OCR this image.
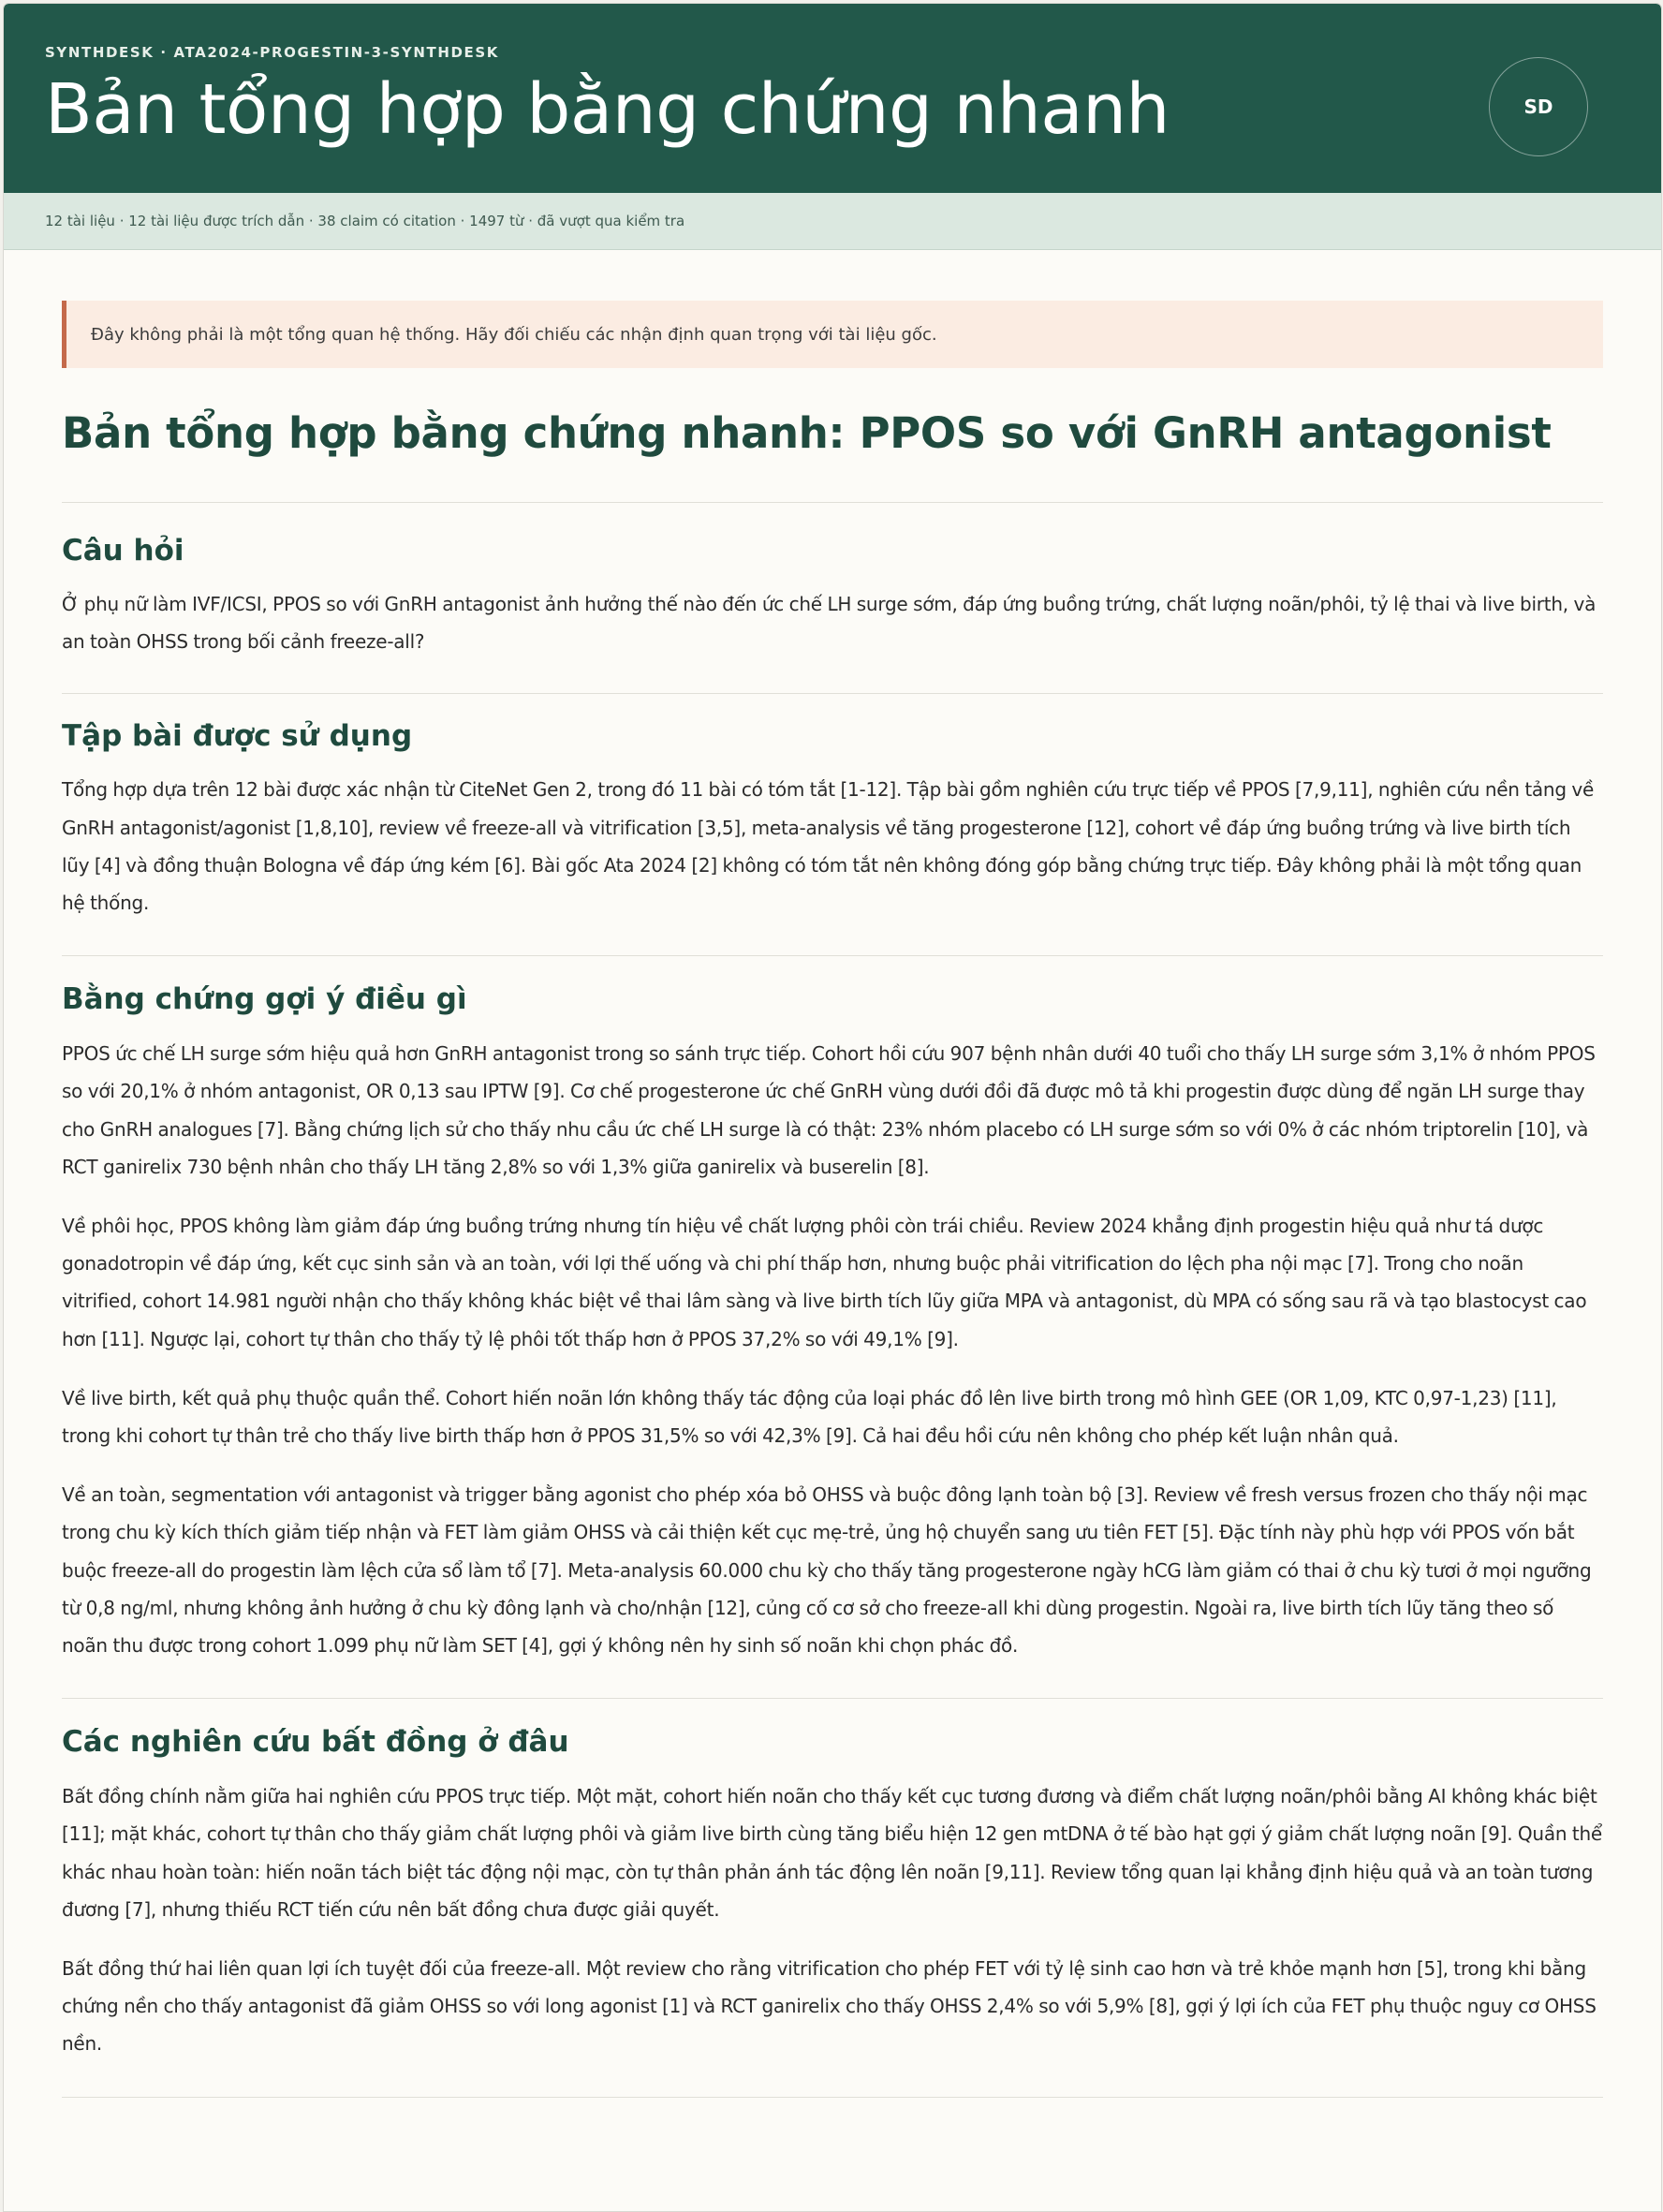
SYNTHDESK · ATA2024-PROGESTIN-3-SYNTHDESK
Bản tổng hợp bằng chứng nhanh	SD
12 tài liệu · 12 tài liệu được trích dẫn · 38 claim có citation · 1497 từ · đã vượt qua kiểm tra
Đây không phải là một tổng quan hệ thống. Hãy đối chiếu các nhận định quan trọng với tài liệu gốc.
Bản tổng hợp bằng chứng nhanh: PPOS so với GnRH antagonist
Câu hỏi

Ở phụ nữ làm IVF/ICSI, PPOS so với GnRH antagonist ảnh hưởng thế nào đến ức chế LH surge sớm, đáp ứng buồng trứng, chất lượng noãn/phôi, tỷ lệ thai và live birth, và an toàn OHSS trong bối cảnh freeze-all?

Tập bài được sử dụng

Tổng hợp dựa trên 12 bài được xác nhận từ CiteNet Gen 2, trong đó 11 bài có tóm tắt [1-12]. Tập bài gồm nghiên cứu trực tiếp về PPOS [7,9,11], nghiên cứu nền tảng về GnRH antagonist/agonist [1,8,10], review về freeze-all và vitrification [3,5], meta-analysis về tăng progesterone [12], cohort về đáp ứng buồng trứng và live birth tích lũy [4] và đồng thuận Bologna về đáp ứng kém [6]. Bài gốc Ata 2024 [2] không có tóm tắt nên không đóng góp bằng chứng trực tiếp. Đây không phải là một tổng quan hệ thống.

Bằng chứng gợi ý điều gì

PPOS ức chế LH surge sớm hiệu quả hơn GnRH antagonist trong so sánh trực tiếp. Cohort hồi cứu 907 bệnh nhân dưới 40 tuổi cho thấy LH surge sớm 3,1% ở nhóm PPOS so với 20,1% ở nhóm antagonist, OR 0,13 sau IPTW [9]. Cơ chế progesterone ức chế GnRH vùng dưới đồi đã được mô tả khi progestin được dùng để ngăn LH surge thay cho GnRH analogues [7]. Bằng chứng lịch sử cho thấy nhu cầu ức chế LH surge là có thật: 23% nhóm placebo có LH surge sớm so với 0% ở các nhóm triptorelin [10], và RCT ganirelix 730 bệnh nhân cho thấy LH tăng 2,8% so với 1,3% giữa ganirelix và buserelin [8].

Về phôi học, PPOS không làm giảm đáp ứng buồng trứng nhưng tín hiệu về chất lượng phôi còn trái chiều. Review 2024 khẳng định progestin hiệu quả như tá dược gonadotropin về đáp ứng, kết cục sinh sản và an toàn, với lợi thế uống và chi phí thấp hơn, nhưng buộc phải vitrification do lệch pha nội mạc [7]. Trong cho noãn vitrified, cohort 14.981 người nhận cho thấy không khác biệt về thai lâm sàng và live birth tích lũy giữa MPA và antagonist, dù MPA có sống sau rã và tạo blastocyst cao hơn [11]. Ngược lại, cohort tự thân cho thấy tỷ lệ phôi tốt thấp hơn ở PPOS 37,2% so với 49,1% [9].

Về live birth, kết quả phụ thuộc quần thể. Cohort hiến noãn lớn không thấy tác động của loại phác đồ lên live birth trong mô hình GEE (OR 1,09, KTC 0,97-1,23) [11], trong khi cohort tự thân trẻ cho thấy live birth thấp hơn ở PPOS 31,5% so với 42,3% [9]. Cả hai đều hồi cứu nên không cho phép kết luận nhân quả.

Về an toàn, segmentation với antagonist và trigger bằng agonist cho phép xóa bỏ OHSS và buộc đông lạnh toàn bộ [3]. Review về fresh versus frozen cho thấy nội mạc trong chu kỳ kích thích giảm tiếp nhận và FET làm giảm OHSS và cải thiện kết cục mẹ-trẻ, ủng hộ chuyển sang ưu tiên FET [5]. Đặc tính này phù hợp với PPOS vốn bắt buộc freeze-all do progestin làm lệch cửa sổ làm tổ [7]. Meta-analysis 60.000 chu kỳ cho thấy tăng progesterone ngày hCG làm giảm có thai ở chu kỳ tươi ở mọi ngưỡng từ 0,8 ng/ml, nhưng không ảnh hưởng ở chu kỳ đông lạnh và cho/nhận [12], củng cố cơ sở cho freeze-all khi dùng progestin. Ngoài ra, live birth tích lũy tăng theo số noãn thu được trong cohort 1.099 phụ nữ làm SET [4], gợi ý không nên hy sinh số noãn khi chọn phác đồ.

Các nghiên cứu bất đồng ở đâu

Bất đồng chính nằm giữa hai nghiên cứu PPOS trực tiếp. Một mặt, cohort hiến noãn cho thấy kết cục tương đương và điểm chất lượng noãn/phôi bằng AI không khác biệt [11]; mặt khác, cohort tự thân cho thấy giảm chất lượng phôi và giảm live birth cùng tăng biểu hiện 12 gen mtDNA ở tế bào hạt gợi ý giảm chất lượng noãn [9]. Quần thể khác nhau hoàn toàn: hiến noãn tách biệt tác động nội mạc, còn tự thân phản ánh tác động lên noãn [9,11]. Review tổng quan lại khẳng định hiệu quả và an toàn tương đương [7], nhưng thiếu RCT tiến cứu nên bất đồng chưa được giải quyết.

Bất đồng thứ hai liên quan lợi ích tuyệt đối của freeze-all. Một review cho rằng vitrification cho phép FET với tỷ lệ sinh cao hơn và trẻ khỏe mạnh hơn [5], trong khi bằng chứng nền cho thấy antagonist đã giảm OHSS so với long agonist [1] và RCT ganirelix cho thấy OHSS 2,4% so với 5,9% [8], gợi ý lợi ích của FET phụ thuộc nguy cơ OHSS nền.
